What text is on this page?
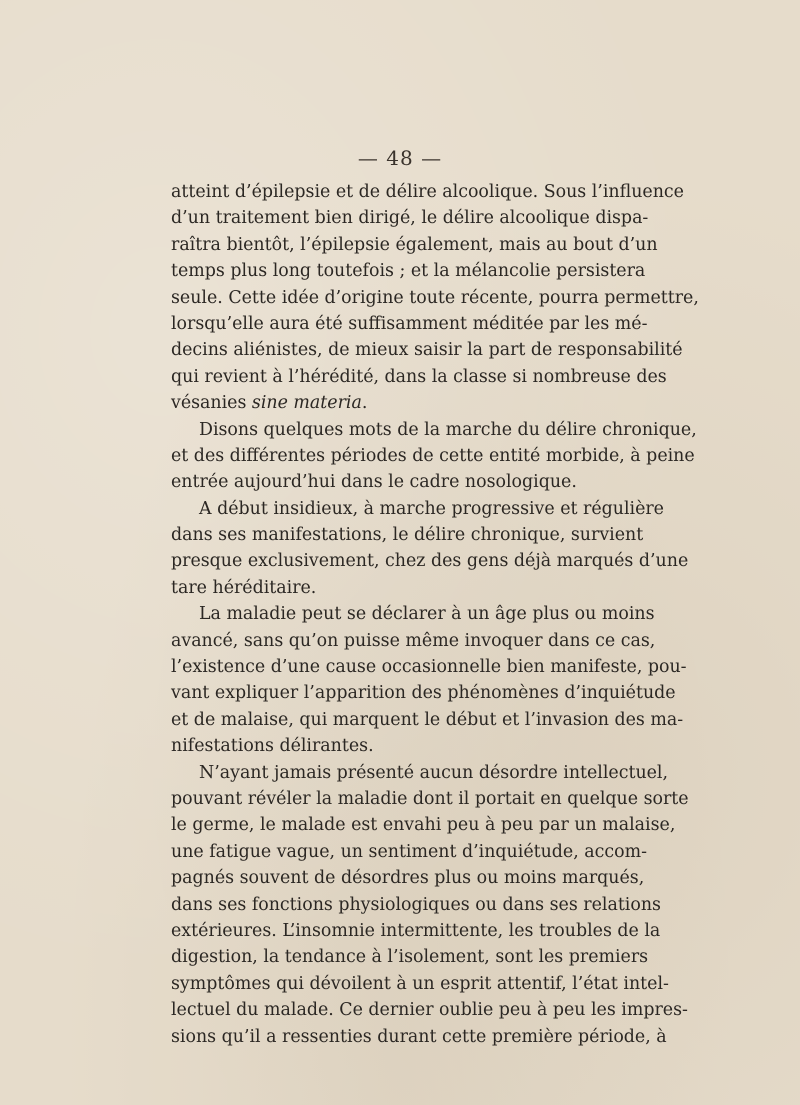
— 48 —
atteint d’épilepsie et de délire alcoolique. Sous l’influence
d’un traitement bien dirigé, le délire alcoolique dispa-
raîtra bientôt, l’épilepsie également, mais au bout d’un
temps plus long toutefois ; et la mélancolie persistera
seule. Cette idée d’origine toute récente, pourra permettre,
lorsqu’elle aura été suffisamment méditée par les mé-
decins aliénistes, de mieux saisir la part de responsabilité
qui revient à l’hérédité, dans la classe si nombreuse des
vésanies sine materia.
Disons quelques mots de la marche du délire chronique,
et des différentes périodes de cette entité morbide, à peine
entrée aujourd’hui dans le cadre nosologique.
A début insidieux, à marche progressive et régulière
dans ses manifestations, le délire chronique, survient
presque exclusivement, chez des gens déjà marqués d’une
tare héréditaire.
La maladie peut se déclarer à un âge plus ou moins
avancé, sans qu’on puisse même invoquer dans ce cas,
l’existence d’une cause occasionnelle bien manifeste, pou-
vant expliquer l’apparition des phénomènes d’inquiétude
et de malaise, qui marquent le début et l’invasion des ma-
nifestations délirantes.
N’ayant jamais présenté aucun désordre intellectuel,
pouvant révéler la maladie dont il portait en quelque sorte
le germe, le malade est envahi peu à peu par un malaise,
une fatigue vague, un sentiment d’inquiétude, accom-
pagnés souvent de désordres plus ou moins marqués,
dans ses fonctions physiologiques ou dans ses relations
extérieures. L’insomnie intermittente, les troubles de la
digestion, la tendance à l’isolement, sont les premiers
symptômes qui dévoilent à un esprit attentif, l’état intel-
lectuel du malade. Ce dernier oublie peu à peu les impres-
sions qu’il a ressenties durant cette première période, à
